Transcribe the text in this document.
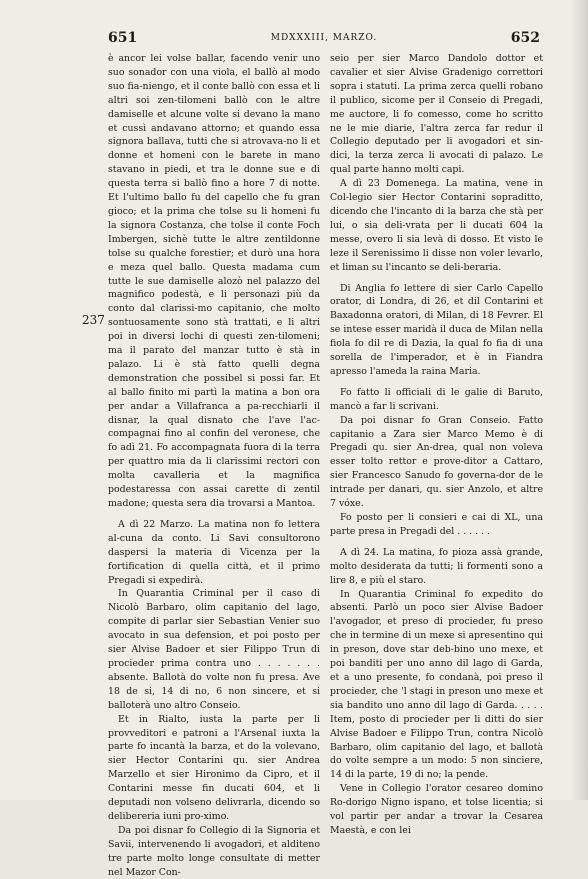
651	MDXXXIII, MARZO.	652
237

è ancor lei volse ballar, facendo venir uno suo sonador con una viola, el ballò al modo suo fia-niengo, et il conte ballò con essa et li altri soi zen-tilomeni ballò con le altre damiselle et alcune volte si devano la mano et cussì andavano attorno; et quando essa signora ballava, tutti che si atrovava-no li et donne et homeni con le barete in mano stavano in piedi, et tra le donne sue e di questa terra si ballò fino a hore 7 di notte. Et l'ultimo ballo fu del capello che fu gran gioco; et la prima che tolse su li homeni fu la signora Costanza, che tolse il conte Foch Imbergen, sichè tutte le altre zentildonne tolse su qualche forestier; et durò una hora e meza quel ballo. Questa madama cum tutte le sue damiselle alozò nel palazzo del magnifico podestà, e li personazi più da conto dal clarissi-mo capitanio, che molto sontuosamente sono stà trattati, e li altri poi in diversi lochi di questi zen-tilomeni; ma il parato del manzar tutto è stà in palazo. Li è stà fatto quelli degna demonstration che possibel si possi far. Et al ballo finito mi partì la matina a bon ora per andar a Villafranca a pa-recchiarli il disnar, la qual disnato che l'ave l'ac-compagnai fino al confin del veronese, che fo adì 21. Fo accompagnata fuora di la terra per quattro mia da li clarissimi rectori con molta cavalleria et la magnifica podestaressa con assai carette di zentil madone; questa sera dia trovarsi a Mantoa.

A dì 22 Marzo. La matina non fo lettera al-cuna da conto. Li Savi consultorono daspersi la materia di Vicenza per la fortification di quella città, et il primo Pregadi si expedirà.

In Quarantia Criminal per il caso di Nicolò Barbaro, olim capitanio del lago, compite di parlar sier Sebastian Venier suo avocato in sua defension, et poi posto per sier Alvise Badoer et sier Filippo Trun di procieder prima contra uno . . . . . . . absente. Ballotà do volte non fu presa. Ave 18 de si, 14 di no, 6 non sincere, et si balloterà uno altro Conseio.

Et in Rialto, iusta la parte per li provveditori e patroni a l'Arsenal iuxta la parte fo incantà la barza, et do la volevano, sier Hector Contarini qu. sier Andrea Marzello et sier Hironimo da Cipro, et il Contarini messe fin ducati 604, et li deputadi non volseno delivrarla, dicendo so delibereria iuni pro-ximo.

Da poi disnar fo Collegio di la Signoria et Savii, intervenendo li avogadori, et alditeno tre parte molto longe consultate di metter nel Mazor Con-

seio per sier Marco Dandolo dottor et cavalier et sier Alvise Gradenigo correttori sopra i statuti. La prima zerca quelli robano il publico, sicome per il Conseio di Pregadi, me auctore, li fo comesso, come ho scritto ne le mie diarie, l'altra zerca far redur il Collegio deputado per li avogadori et sin-dici, la terza zerca li avocati di palazo. Le qual parte hanno molti capi.

A dì 23 Domenega. La matina, vene in Col-legio sier Hector Contarini sopraditto, dicendo che l'incanto di la barza che stà per lui, o sia deli-vrata per li ducati 604 la messe, overo li sia levà di dosso. Et visto le leze il Serenissimo li disse non voler levarlo, et liman su l'incanto se deli-beraria.

Di Anglia fo lettere di sier Carlo Capello orator, di Londra, di 26, et dil Contarini et Baxadonna oratori, di Milan, di 18 Fevrer. El se intese esser maridà il duca de Milan nella fiola fo dil re di Dazia, la qual fo fia di una sorella de l'imperador, et è in Fiandra apresso l'ameda la raina Maria.

Fo fatto li officiali di le galie di Baruto, mancò a far li scrivani.

Da poi disnar fo Gran Conseio. Fatto capitanio a Zara sier Marco Memo è di Pregadi qu. sier An-drea, qual non voleva esser tolto rettor e prove-ditor a Cattaro, sier Francesco Sanudo fo governa-dor de le intrade per danari, qu. sier Anzolo, et altre 7 vóxe.

Fo posto per li consieri e cai di XL, una parte presa in Pregadi del . . . . . .

A dì 24. La matina, fo pioza assà grande, molto desiderata da tutti; li formenti sono a lire 8, e più el staro.

In Quarantia Criminal fo expedito do absenti. Parlò un poco sier Alvise Badoer l'avogador, et preso di procieder, fu preso che in termine di un mexe si apresentino qui in preson, dove star deb-bino uno mexe, et poi banditi per uno anno dil lago di Garda, et a uno presente, fo condanà, poi preso il procieder, che 'l stagi in preson uno mexe et sia bandito uno anno dil lago di Garda. . . . . Item, posto di procieder per li ditti do sier Alvise Badoer e Filippo Trun, contra Nicolò Barbaro, olim capitanio del lago, et ballotà do volte sempre a un modo: 5 non sinciere, 14 di la parte, 19 di no; la pende.

Vene in Collegio l'orator cesareo domino Ro-dorigo Nigno ispano, et tolse licentia; si vol partir per andar a trovar la Cesarea Maestà, e con lei
